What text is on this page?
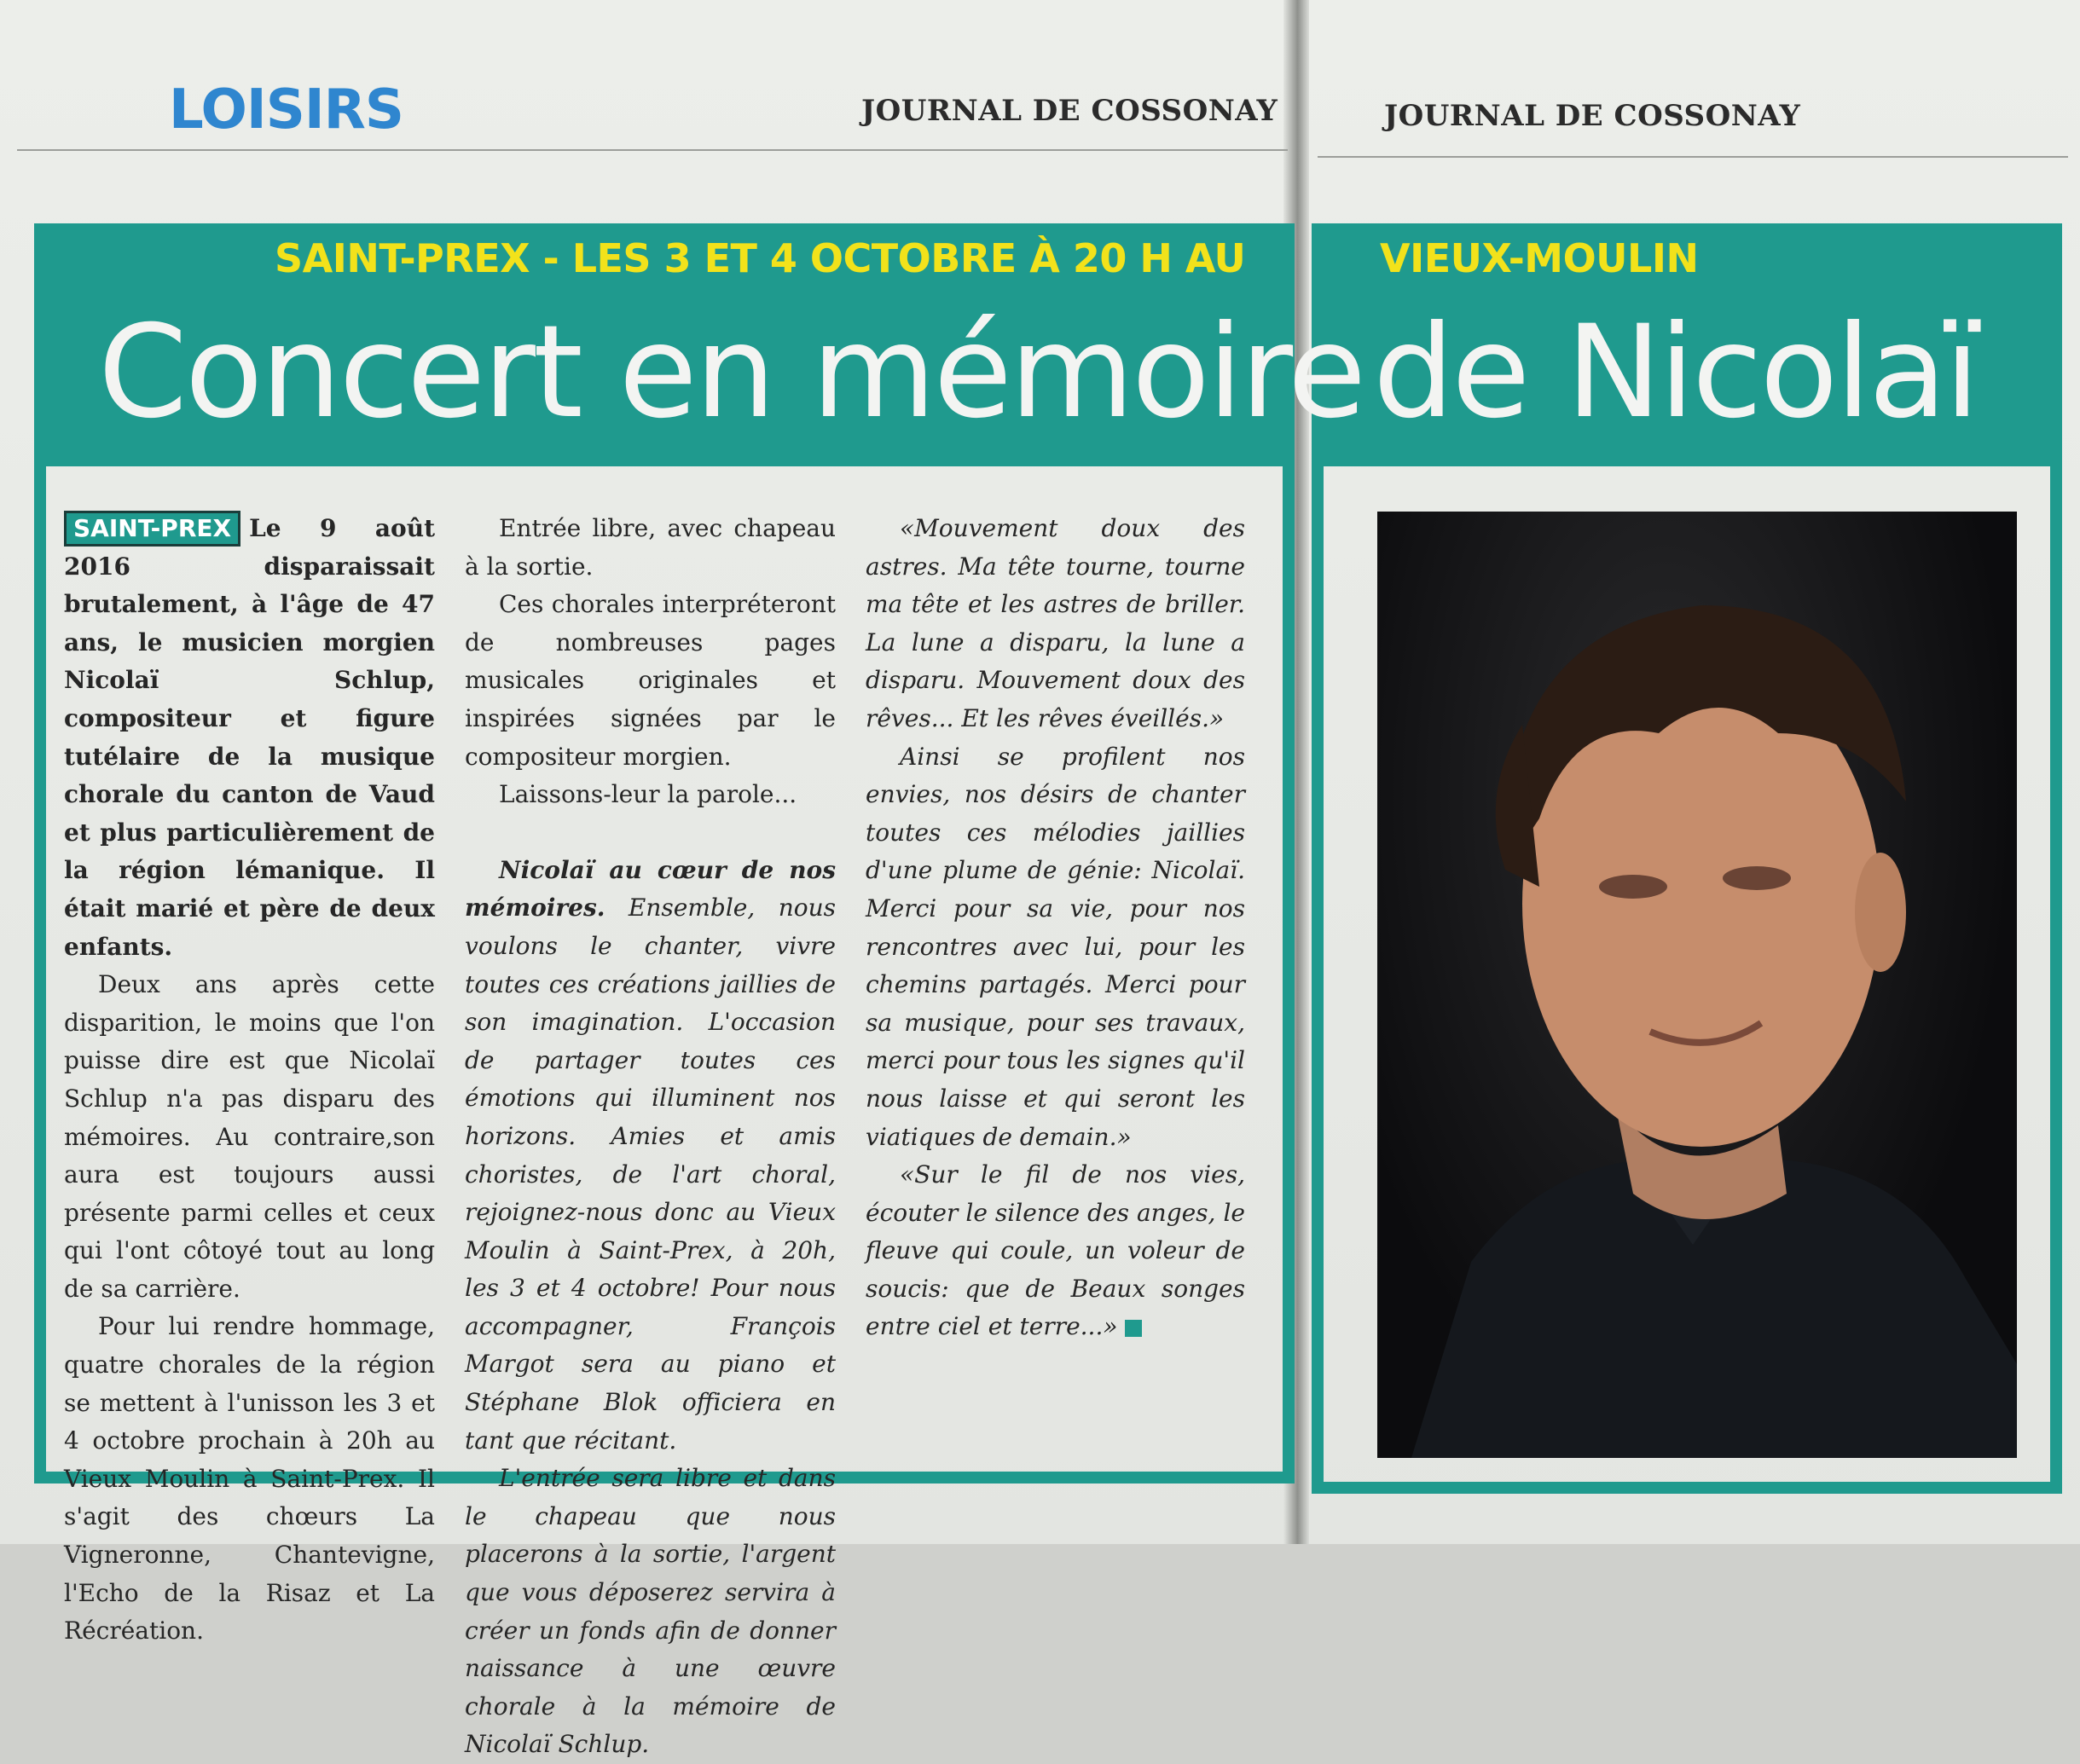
LOISIRS	JOURNAL DE COSSONAY	JOURNAL DE COSSONAY
SAINT-PREX - LES 3 ET 4 OCTOBRE À 20 H AU	VIEUX-MOULIN
Concert en mémoire de Nicolaï

SAINT-PREX Le 9 août 2016 disparaissait brutalement, à l'âge de 47 ans, le musicien morgien Nicolaï Schlup, compositeur et figure tutélaire de la musique chorale du canton de Vaud et plus particulièrement de la région lémanique. Il était marié et père de deux enfants.

Deux ans après cette disparition, le moins que l'on puisse dire est que Nicolaï Schlup n'a pas disparu des mémoires. Au contraire,son aura est toujours aussi présente parmi celles et ceux qui l'ont côtoyé tout au long de sa carrière.

Pour lui rendre hommage, quatre chorales de la région se mettent à l'unisson les 3 et 4 octobre prochain à 20h au Vieux Moulin à Saint-Prex. Il s'agit des chœurs La Vigneronne, Chantevigne, l'Echo de la Risaz et La Récréation.

Entrée libre, avec chapeau à la sortie.

Ces chorales interpréteront de nombreuses pages musicales originales et inspirées signées par le compositeur morgien.

Laissons-leur la parole...

Nicolaï au cœur de nos mémoires. Ensemble, nous voulons le chanter, vivre toutes ces créations jaillies de son imagination. L'occasion de partager toutes ces émotions qui illuminent nos horizons. Amies et amis choristes, de l'art choral, rejoignez-nous donc au Vieux Moulin à Saint-Prex, à 20h, les 3 et 4 octobre! Pour nous accompagner, François Margot sera au piano et Stéphane Blok officiera en tant que récitant.

L'entrée sera libre et dans le chapeau que nous placerons à la sortie, l'argent que vous déposerez servira à créer un fonds afin de donner naissance à une œuvre chorale à la mémoire de Nicolaï Schlup.

«Mouvement doux des astres. Ma tête tourne, tourne ma tête et les astres de briller. La lune a disparu, la lune a disparu. Mouvement doux des rêves... Et les rêves éveillés.»

Ainsi se profilent nos envies, nos désirs de chanter toutes ces mélodies jaillies d'une plume de génie: Nicolaï. Merci pour sa vie, pour nos rencontres avec lui, pour les chemins partagés. Merci pour sa musique, pour ses travaux, merci pour tous les signes qu'il nous laisse et qui seront les viatiques de demain.»

«Sur le fil de nos vies, écouter le silence des anges, le fleuve qui coule, un voleur de soucis: que de Beaux songes entre ciel et terre...»
